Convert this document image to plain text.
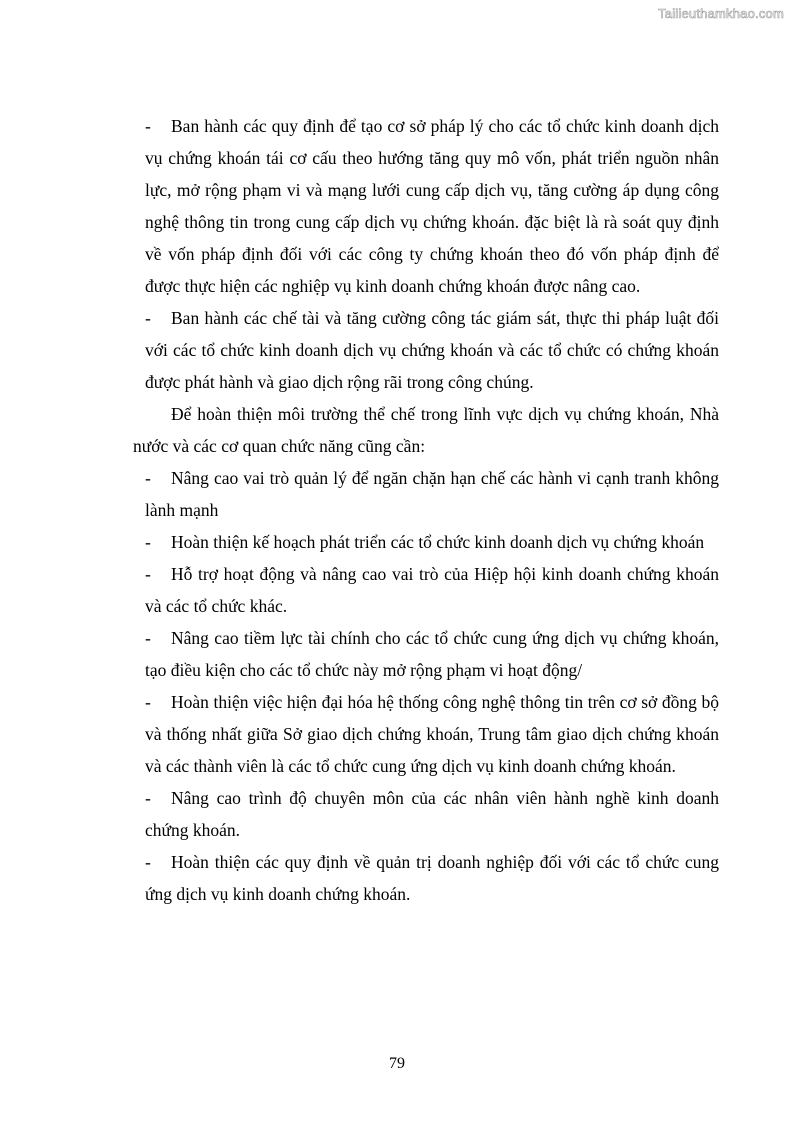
Tailieuthamkhao.com
-	Ban hành các quy định để tạo cơ sở pháp lý cho các tổ chức kinh doanh dịch vụ chứng khoán tái cơ cấu theo hướng tăng quy mô vốn, phát triển nguồn nhân lực, mở rộng phạm vi và mạng lưới cung cấp dịch vụ, tăng cường áp dụng công nghệ thông tin trong cung cấp dịch vụ chứng khoán. đặc biệt là rà soát quy định về vốn pháp định đối với các công ty chứng khoán theo đó vốn pháp định để được thực hiện các nghiệp vụ kinh doanh chứng khoán được nâng cao.
-	Ban hành các chế tài và tăng cường công tác giám sát, thực thi pháp luật đối với các tổ chức kinh doanh dịch vụ chứng khoán và các tổ chức có chứng khoán được phát hành và giao dịch rộng rãi trong công chúng.

Để hoàn thiện môi trường thể chế trong lĩnh vực dịch vụ chứng khoán, Nhà nước và các cơ quan chức năng cũng cần:

-	Nâng cao vai trò quản lý để ngăn chặn hạn chế các hành vi cạnh tranh không lành mạnh
-	Hoàn thiện kế hoạch phát triển các tổ chức kinh doanh dịch vụ chứng khoán
-	Hỗ trợ hoạt động và nâng cao vai trò của Hiệp hội kinh doanh chứng khoán và các tổ chức khác.
-	Nâng cao tiềm lực tài chính cho các tổ chức cung ứng dịch vụ chứng khoán, tạo điều kiện cho các tổ chức này mở rộng phạm vi hoạt động/
-	Hoàn thiện việc hiện đại hóa hệ thống công nghệ thông tin trên cơ sở đồng bộ và thống nhất giữa Sở giao dịch chứng khoán, Trung tâm giao dịch chứng khoán và các thành viên là các tổ chức cung ứng dịch vụ kinh doanh chứng khoán.
-	Nâng cao trình độ chuyên môn của các nhân viên hành nghề kinh doanh chứng khoán.
-	Hoàn thiện các quy định về quản trị doanh nghiệp đối với các tổ chức cung ứng dịch vụ kinh doanh chứng khoán.
79
